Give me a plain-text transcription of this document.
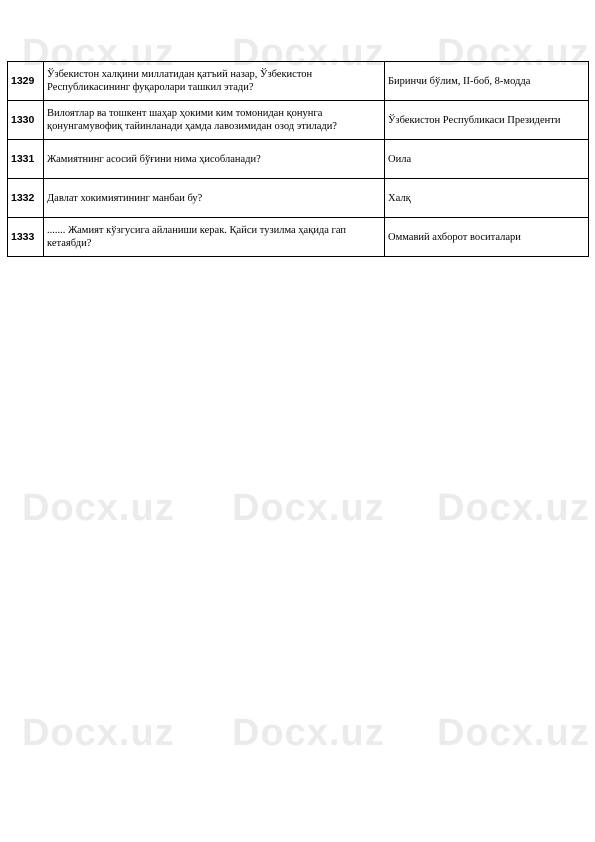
Docx.uz Docx.uz Docx.uz
Docx.uz Docx.uz Docx.uz
Docx.uz Docx.uz Docx.uz
1329	Ўзбекистон халқини миллатидан қатъий назар, Ўзбекистон Республикасининг фуқаролари ташкил этади?	Биринчи бўлим, II-боб, 8-модда
1330	Вилоятлар ва тошкент шаҳар ҳокими ким томонидан қонунга қонунгамувофиқ тайинланади ҳамда лавозимидан озод этилади?	Ўзбекистон Республикаси Президенти
1331	Жамиятнинг асосий бўғини нима ҳисобланади?	Оила
1332	Давлат хокимиятининг манбаи бу?	Халқ
1333	....... Жамият кўзгусига айланиши керак. Қайси тузилма ҳақида гап кетаябди?	Оммавий ахборот воситалари
